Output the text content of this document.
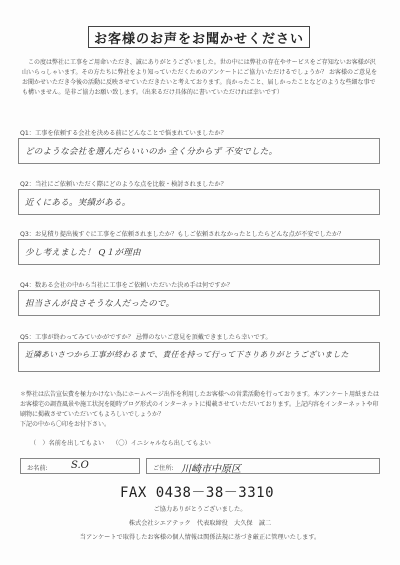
お客様のお声をお聞かせください

この度は弊社に工事をご用命いただき、誠にありがとうございました。世の中には弊社の存在やサービスをご存知ないお客様が沢山いらっしゃいます。その方たちに弊社をより知っていただくためのアンケートにご協力いただけるでしょうか？ お客様のご意見をお聞かせいただき今後の活動に反映させていただきたいと考えております。良かったこと、届しかったことなどのような些細な事でも構いません。是非ご協力お願い致します。（出来るだけ具体的に書いていただければ幸いです）

Q1：工事を依頼する会社を決める前にどんなことで悩まれていましたか？
どのような会社を選んだらいいのか 全く分からず 不安でした。
Q2：当社にご依頼いただく際にどのような点を比較・検討されましたか？
近くにある。実績がある。
Q3：お見積り提出後すぐに工事をご依頼されましたか？もしご依頼されなかったとしたらどんな点が不安でしたか？
少し考えました！ Q１が理由
Q4：数ある会社の中から当社に工事をご依頼いただいた決め手は何ですか？
担当さんが良さそうな人だったので。
Q5：工事が終わってみていかがですか？ 忌憚のないご意見を頂戴できましたら幸いです。
近隣あいさつから工事が終わるまで、責任を持って行って下さりありがとうございました

＊弊社は広告宣伝費を極力かけない為にホームページ出作を利用したお客様への営業活動を行っております。本アンケート用紙またはお客様宅の調査風景や施工状況を随時ブログ形式のインターネットに掲載させていただいております。上記内容をインターネットや印刷物に掲載させていただいてもよろしいでしょうか？

下記の中から〇印をお付下さい。

（　）名前を出してもよい （〇）イニシャルなら出してもよい
お名前: S.O	ご住所: 川崎市中原区
FAX 0438－38－3310
ご協力ありがとうございました。
株式会社シエアテック　代表取締役　大久保　誠二
当アンケートで取得したお客様の個人情報は関係法規に基づき厳正に管理いたします。
